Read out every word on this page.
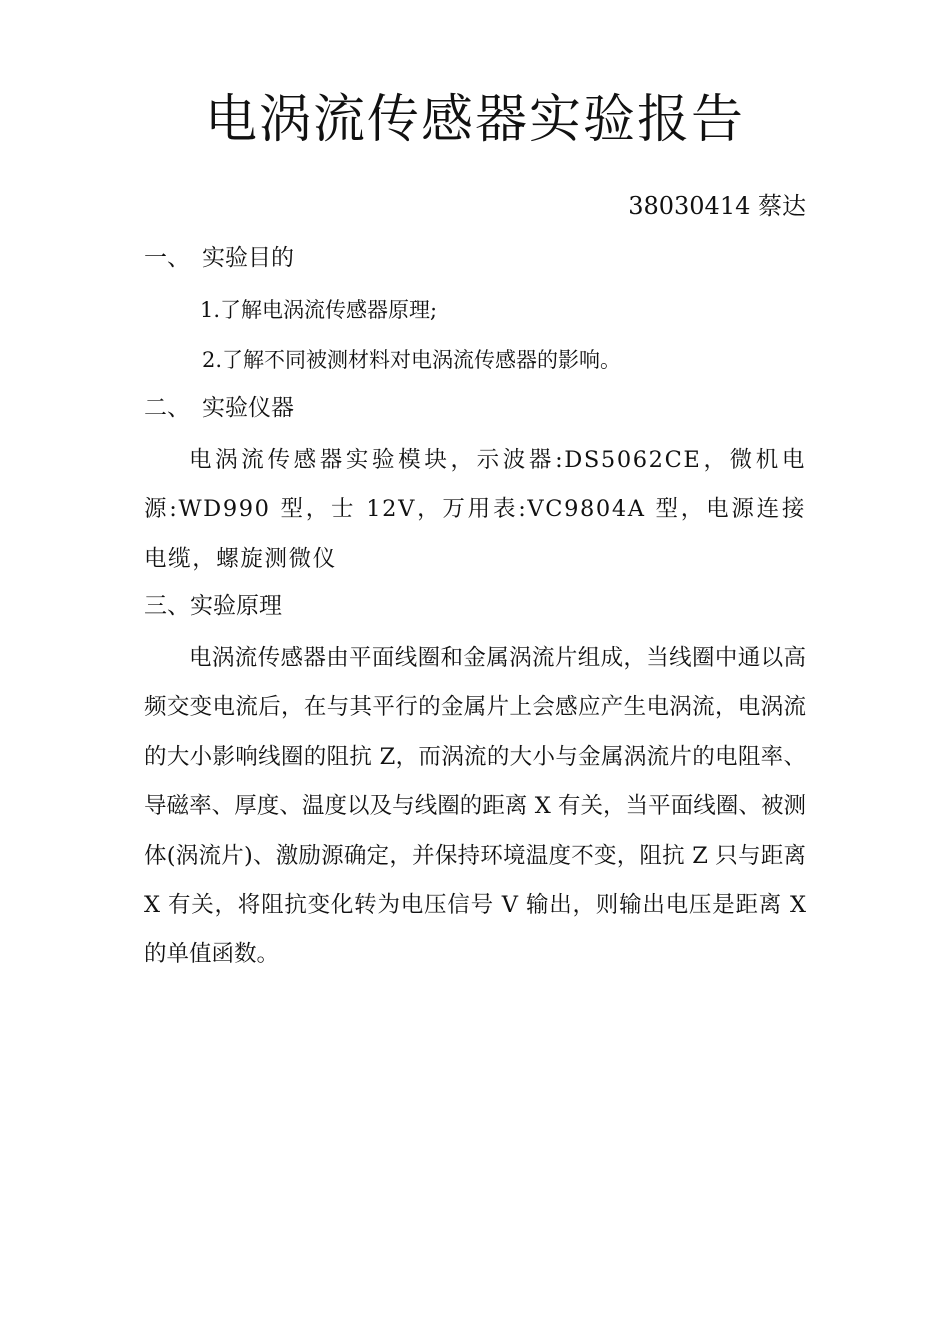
电涡流传感器实验报告
38030414 蔡达
一、 实验目的
1.了解电涡流传感器原理;
2.了解不同被测材料对电涡流传感器的影响。
二、 实验仪器

电涡流传感器实验模块，示波器:DS5062CE，微机电源:WD990 型，士 12V，万用表:VC9804A 型，电源连接电缆，螺旋测微仪

三、实验原理

电涡流传感器由平面线圈和金属涡流片组成，当线圈中通以高频交变电流后，在与其平行的金属片上会感应产生电涡流，电涡流的大小影响线圈的阻抗 Z，而涡流的大小与金属涡流片的电阻率、导磁率、厚度、温度以及与线圈的距离 X 有关，当平面线圈、被测体(涡流片)、激励源确定，并保持环境温度不变，阻抗 Z 只与距离 X 有关，将阻抗变化转为电压信号 V 输出，则输出电压是距离 X 的单值函数。
